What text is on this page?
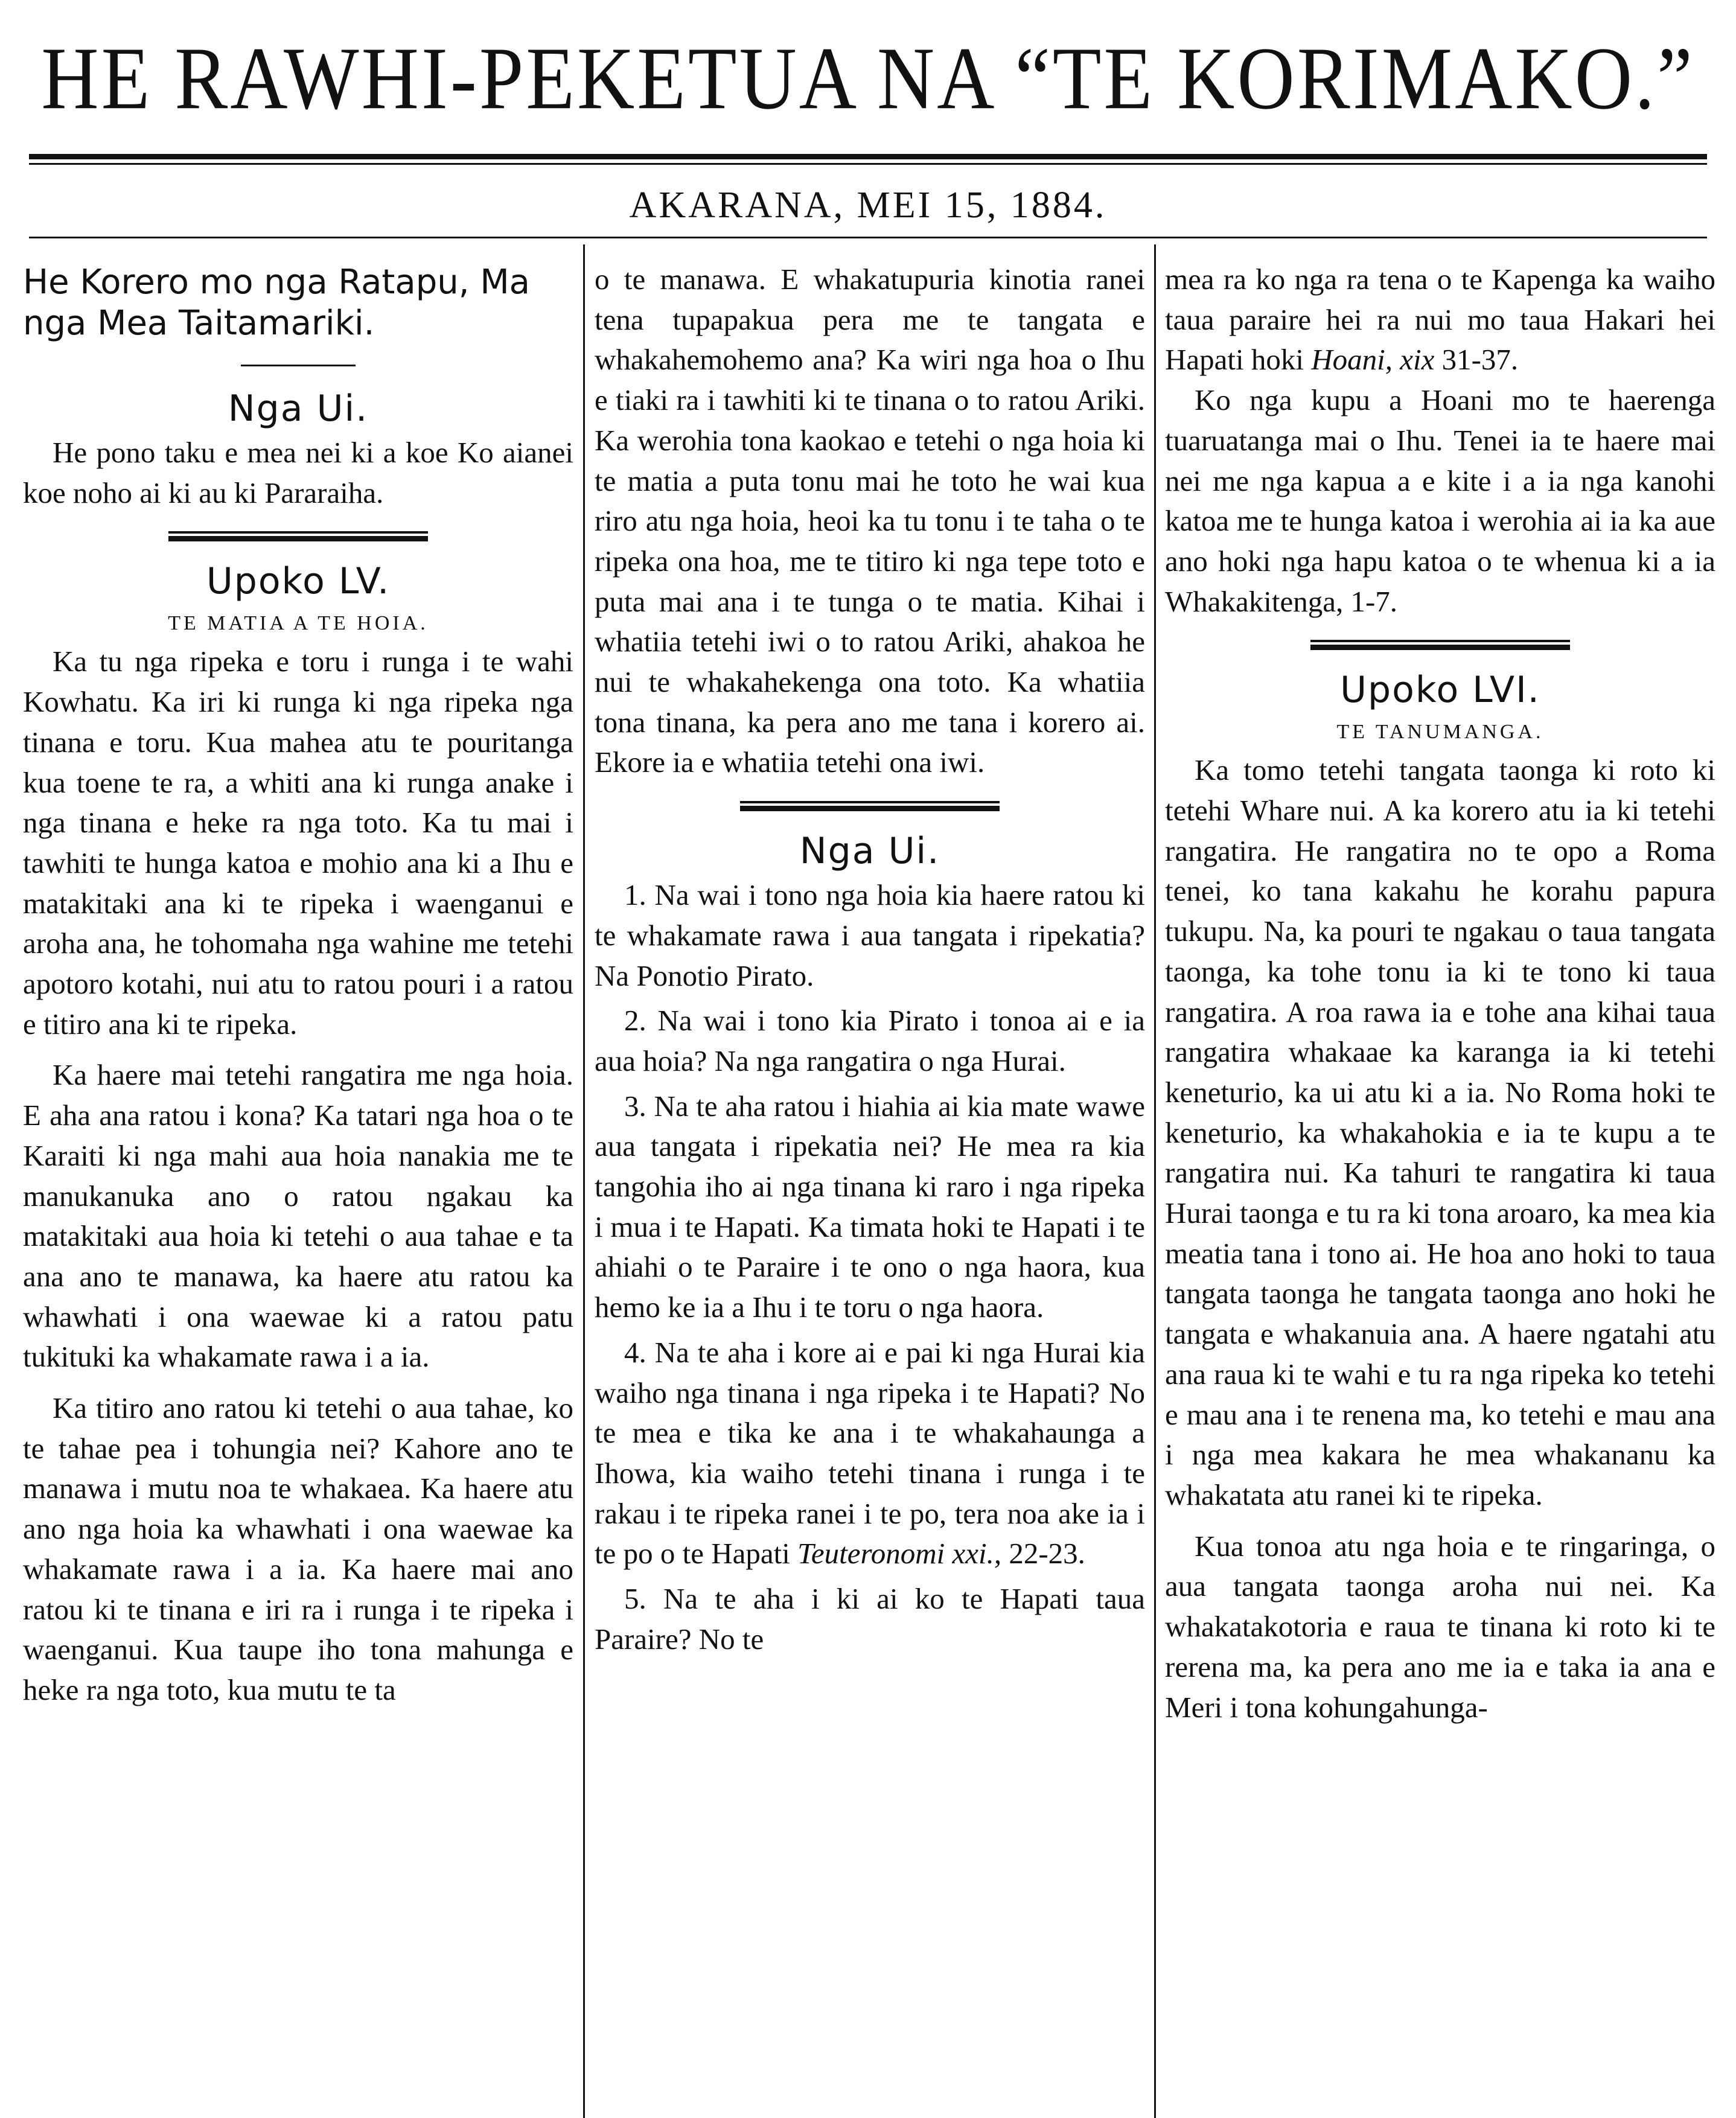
HE RAWHI-PEKETUA NA “TE KORIMAKO.”
AKARANA, MEI 15, 1884.
He Korero mo nga Ratapu, Ma nga Mea Taitamariki.
Nga Ui.

He pono taku e mea nei ki a koe Ko aianei koe noho ai ki au ki Pararaiha.

Upoko LV.
TE MATIA A TE HOIA.

Ka tu nga ripeka e toru i runga i te wahi Kowhatu. Ka iri ki runga ki nga ripeka nga tinana e toru. Kua mahea atu te pouritanga kua toene te ra, a whiti ana ki runga anake i nga tinana e heke ra nga toto. Ka tu mai i tawhiti te hunga katoa e mohio ana ki a Ihu e matakitaki ana ki te ripeka i waenganui e aroha ana, he tohomaha nga wahine me tetehi apotoro kotahi, nui atu to ratou pouri i a ratou e titiro ana ki te ripeka.

Ka haere mai tetehi rangatira me nga hoia. E aha ana ratou i kona? Ka tatari nga hoa o te Karaiti ki nga mahi aua hoia nanakia me te manukanuka ano o ratou ngakau ka matakitaki aua hoia ki tetehi o aua tahae e ta ana ano te manawa, ka haere atu ratou ka whawhati i ona waewae ki a ratou patu tukituki ka whakamate rawa i a ia.

Ka titiro ano ratou ki tetehi o aua tahae, ko te tahae pea i tohungia nei? Kahore ano te manawa i mutu noa te whakaea. Ka haere atu ano nga hoia ka whawhati i ona waewae ka whakamate rawa i a ia. Ka haere mai ano ratou ki te tinana e iri ra i runga i te ripeka i waenganui. Kua taupe iho tona mahunga e heke ra nga toto, kua mutu te ta

o te manawa. E whakatupuria kinotia ranei tena tupapakua pera me te tangata e whakahemohemo ana? Ka wiri nga hoa o Ihu e tiaki ra i tawhiti ki te tinana o to ratou Ariki. Ka werohia tona kaokao e tetehi o nga hoia ki te matia a puta tonu mai he toto he wai kua riro atu nga hoia, heoi ka tu tonu i te taha o te ripeka ona hoa, me te titiro ki nga tepe toto e puta mai ana i te tunga o te matia. Kihai i whatiia tetehi iwi o to ratou Ariki, ahakoa he nui te whakahekenga ona toto. Ka whatiia tona tinana, ka pera ano me tana i korero ai. Ekore ia e whatiia tetehi ona iwi.

Nga Ui.

1. Na wai i tono nga hoia kia haere ratou ki te whakamate rawa i aua tangata i ripekatia? Na Ponotio Pirato.

2. Na wai i tono kia Pirato i tonoa ai e ia aua hoia? Na nga rangatira o nga Hurai.

3. Na te aha ratou i hiahia ai kia mate wawe aua tangata i ripekatia nei? He mea ra kia tangohia iho ai nga tinana ki raro i nga ripeka i mua i te Hapati. Ka timata hoki te Hapati i te ahiahi o te Paraire i te ono o nga haora, kua hemo ke ia a Ihu i te toru o nga haora.

4. Na te aha i kore ai e pai ki nga Hurai kia waiho nga tinana i nga ripeka i te Hapati? No te mea e tika ke ana i te whakahaunga a Ihowa, kia waiho tetehi tinana i runga i te rakau i te ripeka ranei i te po, tera noa ake ia i te po o te Hapati Teuteronomi xxi., 22-23.

5. Na te aha i ki ai ko te Hapati taua Paraire? No te

mea ra ko nga ra tena o te Kapenga ka waiho taua paraire hei ra nui mo taua Hakari hei Hapati hoki Hoani, xix 31-37.

Ko nga kupu a Hoani mo te haerenga tuaruatanga mai o Ihu. Tenei ia te haere mai nei me nga kapua a e kite i a ia nga kanohi katoa me te hunga katoa i werohia ai ia ka aue ano hoki nga hapu katoa o te whenua ki a ia Whakakitenga, 1-7.

Upoko LVI.
TE TANUMANGA.

Ka tomo tetehi tangata taonga ki roto ki tetehi Whare nui. A ka korero atu ia ki tetehi rangatira. He rangatira no te opo a Roma tenei, ko tana kakahu he korahu papura tukupu. Na, ka pouri te ngakau o taua tangata taonga, ka tohe tonu ia ki te tono ki taua rangatira. A roa rawa ia e tohe ana kihai taua rangatira whakaae ka karanga ia ki tetehi keneturio, ka ui atu ki a ia. No Roma hoki te keneturio, ka whakahokia e ia te kupu a te rangatira nui. Ka tahuri te rangatira ki taua Hurai taonga e tu ra ki tona aroaro, ka mea kia meatia tana i tono ai. He hoa ano hoki to taua tangata taonga he tangata taonga ano hoki he tangata e whakanuia ana. A haere ngatahi atu ana raua ki te wahi e tu ra nga ripeka ko tetehi e mau ana i te renena ma, ko tetehi e mau ana i nga mea kakara he mea whakananu ka whakatata atu ranei ki te ripeka.

Kua tonoa atu nga hoia e te ringaringa, o aua tangata taonga aroha nui nei. Ka whakatakotoria e raua te tinana ki roto ki te rerena ma, ka pera ano me ia e taka ia ana e Meri i tona kohungahunga-
